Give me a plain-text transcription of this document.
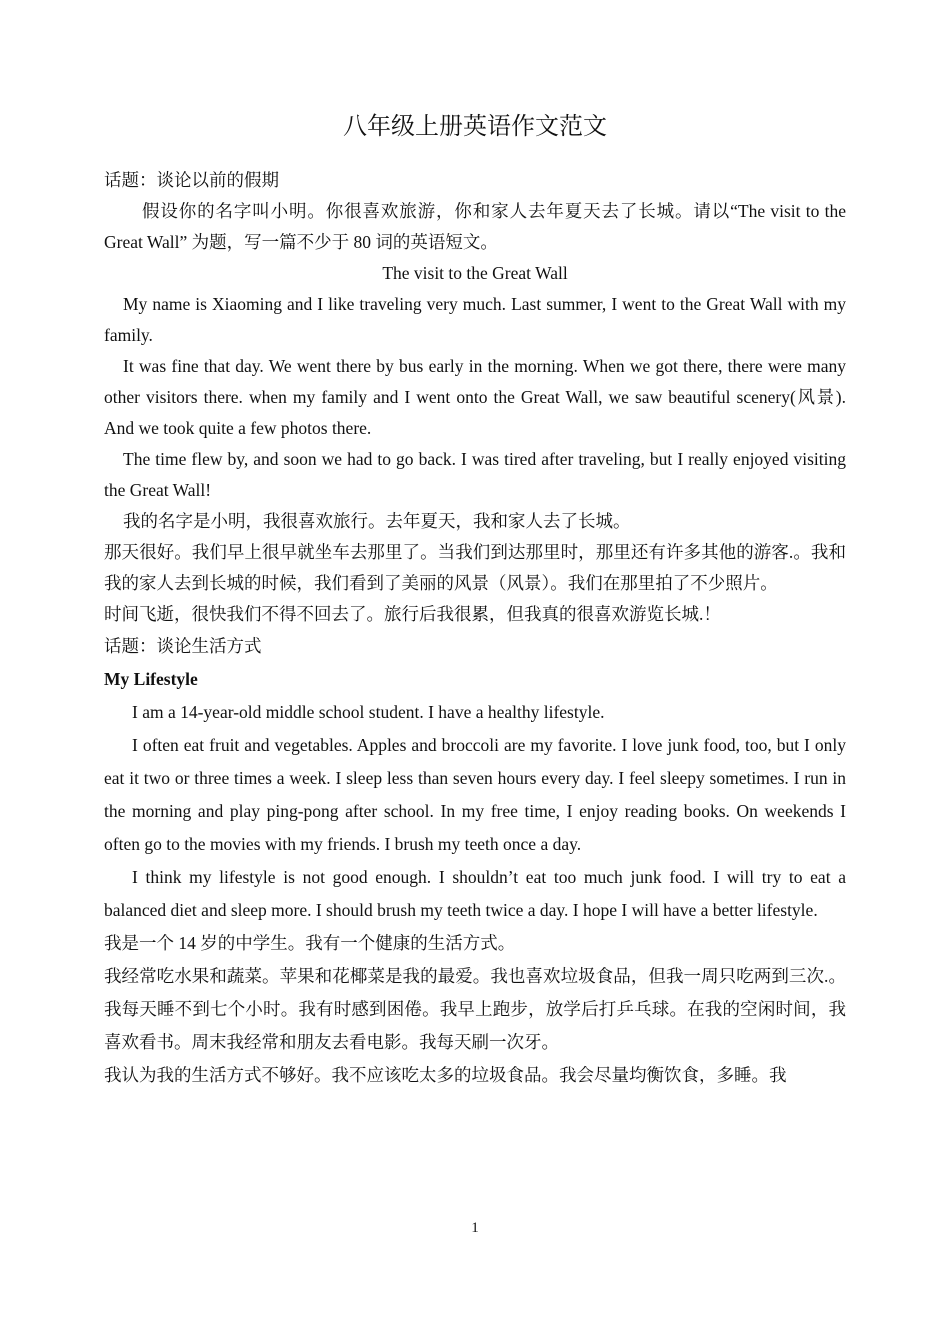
八年级上册英语作文范文

话题：谈论以前的假期

假设你的名字叫小明。你很喜欢旅游，你和家人去年夏天去了长城。请以“The visit to the Great Wall” 为题，写一篇不少于 80 词的英语短文。

The visit to the Great Wall

My name is Xiaoming and I like traveling very much. Last summer, I went to the Great Wall with my family.

It was fine that day. We went there by bus early in the morning. When we got there, there were many other visitors there. when my family and I went onto the Great Wall, we saw beautiful scenery(风景). And we took quite a few photos there.

The time flew by, and soon we had to go back. I was tired after traveling, but I really enjoyed visiting the Great Wall!

我的名字是小明，我很喜欢旅行。去年夏天，我和家人去了长城。

那天很好。我们早上很早就坐车去那里了。当我们到达那里时，那里还有许多其他的游客.。我和我的家人去到长城的时候，我们看到了美丽的风景（风景）。我们在那里拍了不少照片。

时间飞逝，很快我们不得不回去了。旅行后我很累，但我真的很喜欢游览长城.！

话题：谈论生活方式

My Lifestyle

I am a 14-year-old middle school student. I have a healthy lifestyle.

I often eat fruit and vegetables. Apples and broccoli are my favorite. I love junk food, too, but I only eat it two or three times a week. I sleep less than seven hours every day. I feel sleepy sometimes. I run in the morning and play ping-pong after school. In my free time, I enjoy reading books. On weekends I often go to the movies with my friends. I brush my teeth once a day.

I think my lifestyle is not good enough. I shouldn’t eat too much junk food. I will try to eat a balanced diet and sleep more. I should brush my teeth twice a day. I hope I will have a better lifestyle.

我是一个 14 岁的中学生。我有一个健康的生活方式。

我经常吃水果和蔬菜。苹果和花椰菜是我的最爱。我也喜欢垃圾食品，但我一周只吃两到三次.。我每天睡不到七个小时。我有时感到困倦。我早上跑步，放学后打乒乓球。在我的空闲时间，我喜欢看书。周末我经常和朋友去看电影。我每天刷一次牙。

我认为我的生活方式不够好。我不应该吃太多的垃圾食品。我会尽量均衡饮食，多睡。我

1
